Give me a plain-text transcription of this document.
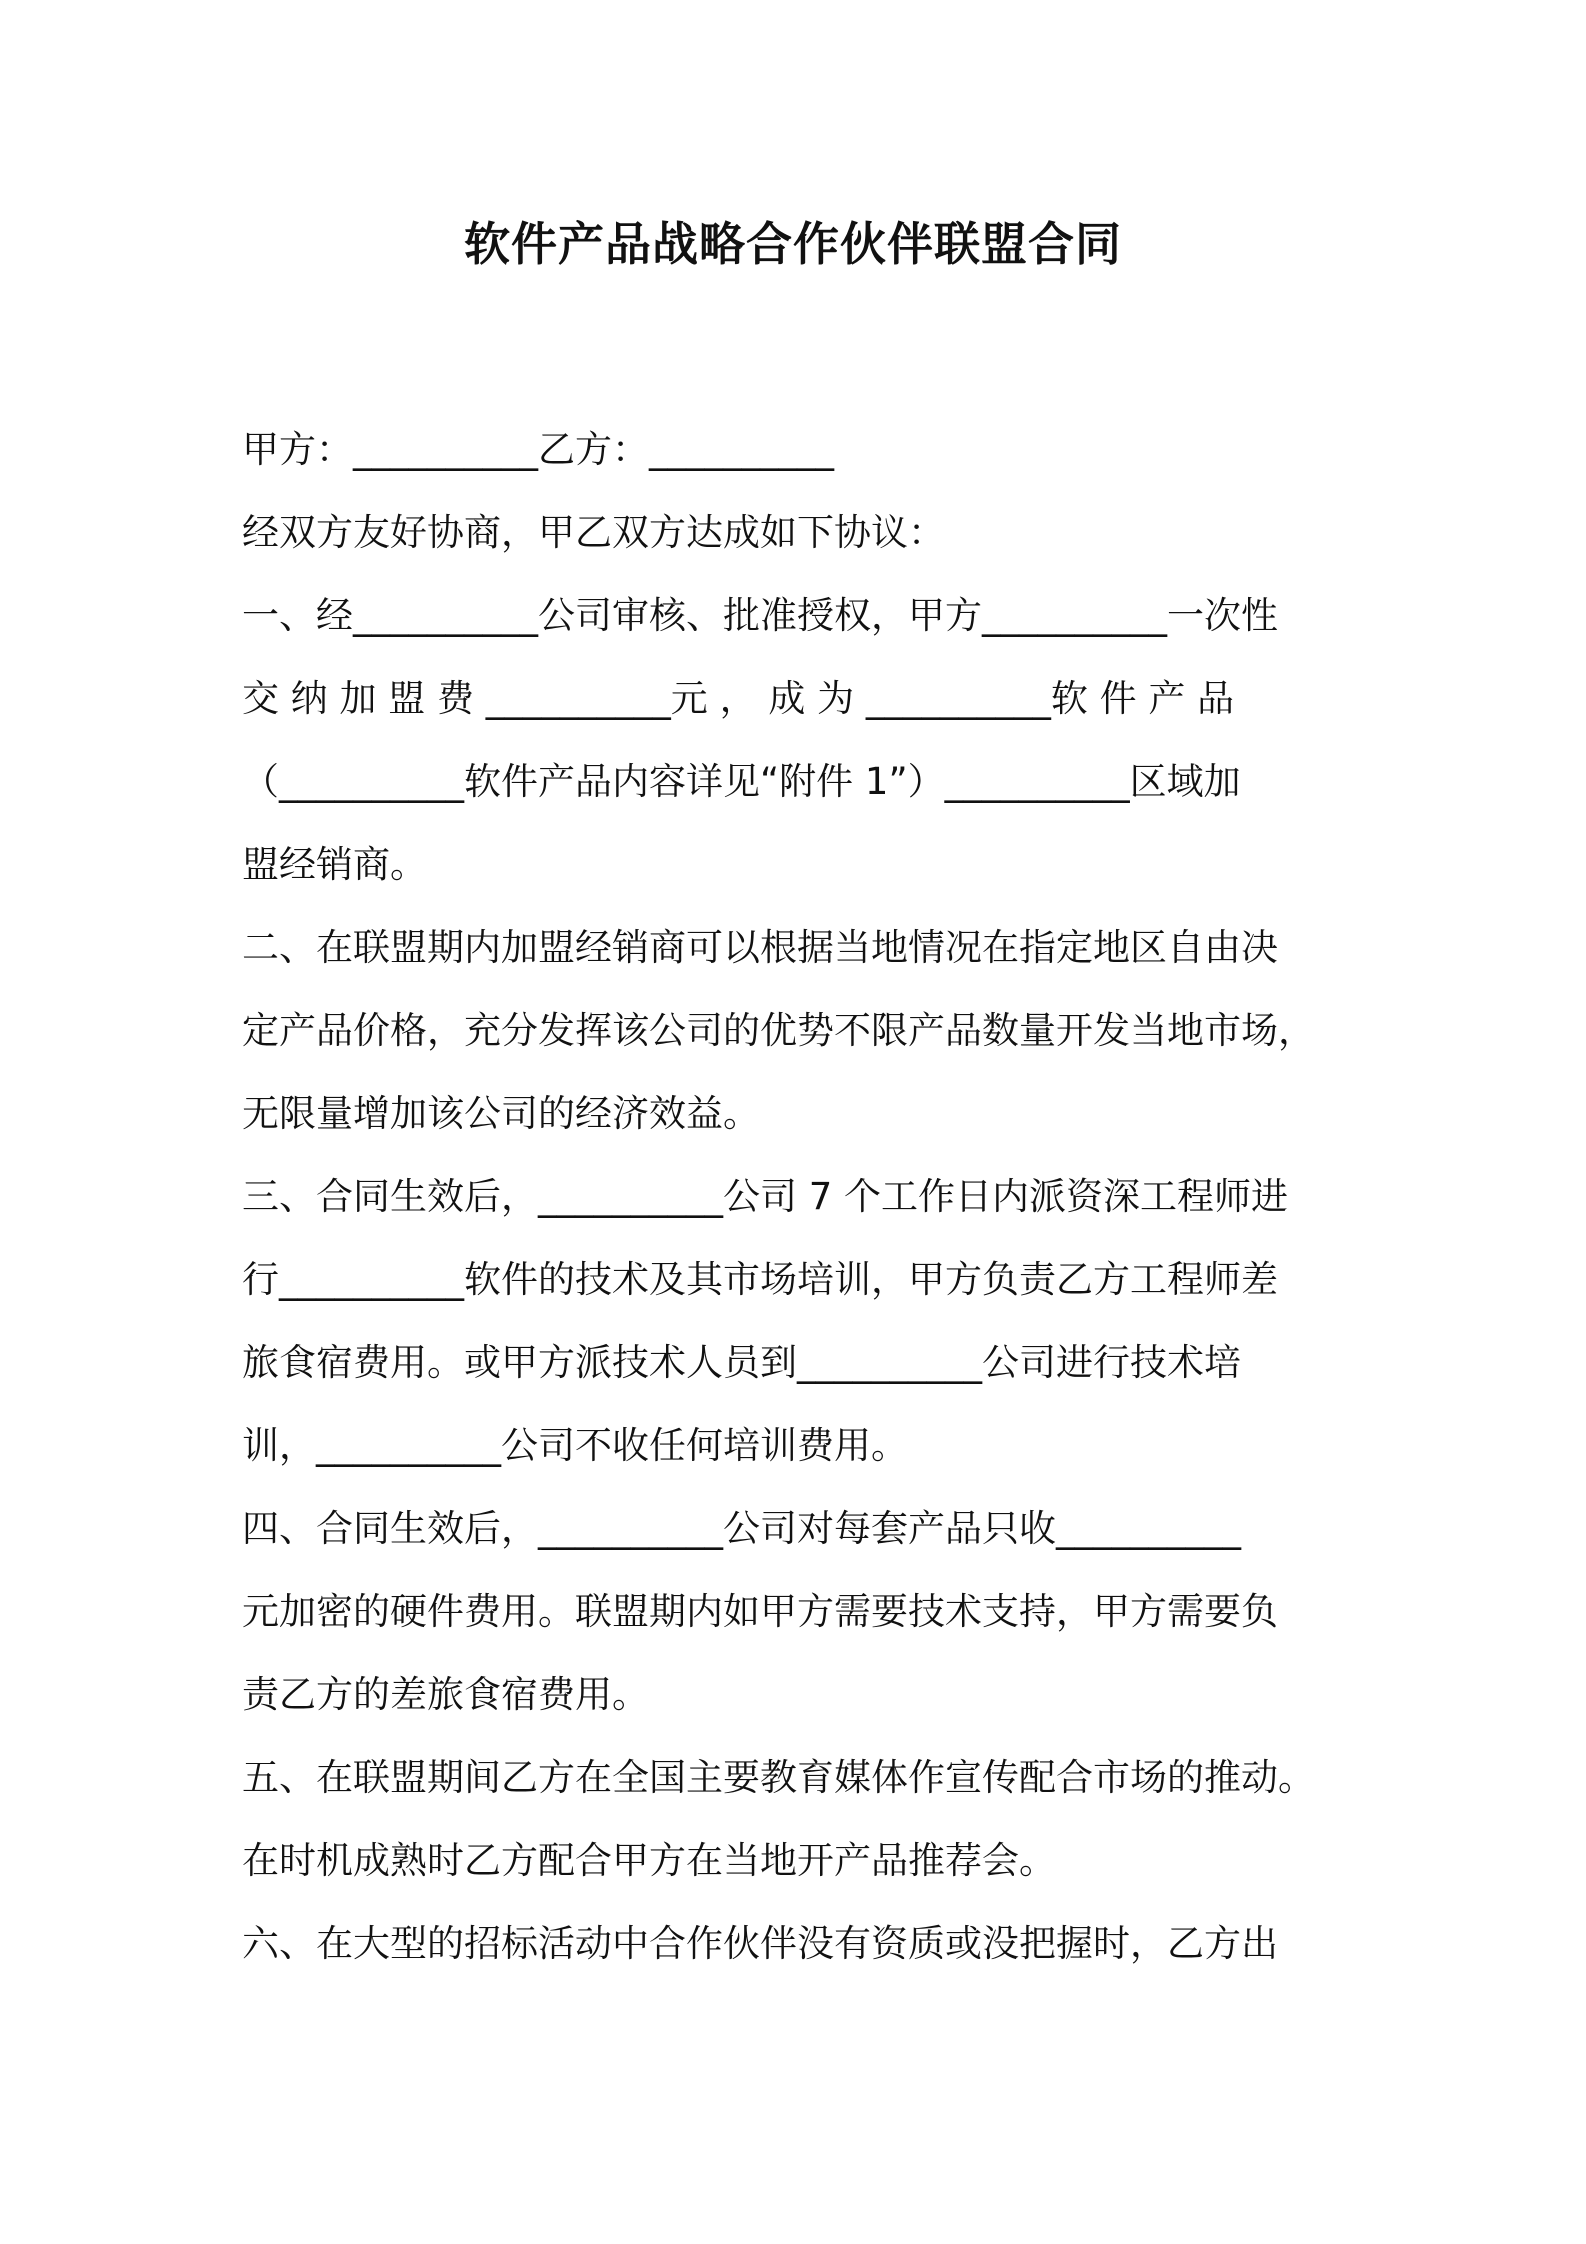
软件产品战略合作伙伴联盟合同
甲方：__________乙方：__________
经双方友好协商，甲乙双方达成如下协议：
一、经__________公司审核、批准授权，甲方__________一次性
交 纳 加 盟 费 __________元 ， 成 为 __________软 件 产 品
（__________软件产品内容详见“附件 1”）__________区域加
盟经销商。
二、在联盟期内加盟经销商可以根据当地情况在指定地区自由决
定产品价格，充分发挥该公司的优势不限产品数量开发当地市场，
无限量增加该公司的经济效益。
三、合同生效后，__________公司 7 个工作日内派资深工程师进
行__________软件的技术及其市场培训，甲方负责乙方工程师差
旅食宿费用。或甲方派技术人员到__________公司进行技术培
训，__________公司不收任何培训费用。
四、合同生效后，__________公司对每套产品只收__________
元加密的硬件费用。联盟期内如甲方需要技术支持，甲方需要负
责乙方的差旅食宿费用。
五、在联盟期间乙方在全国主要教育媒体作宣传配合市场的推动。
在时机成熟时乙方配合甲方在当地开产品推荐会。
六、在大型的招标活动中合作伙伴没有资质或没把握时，乙方出
